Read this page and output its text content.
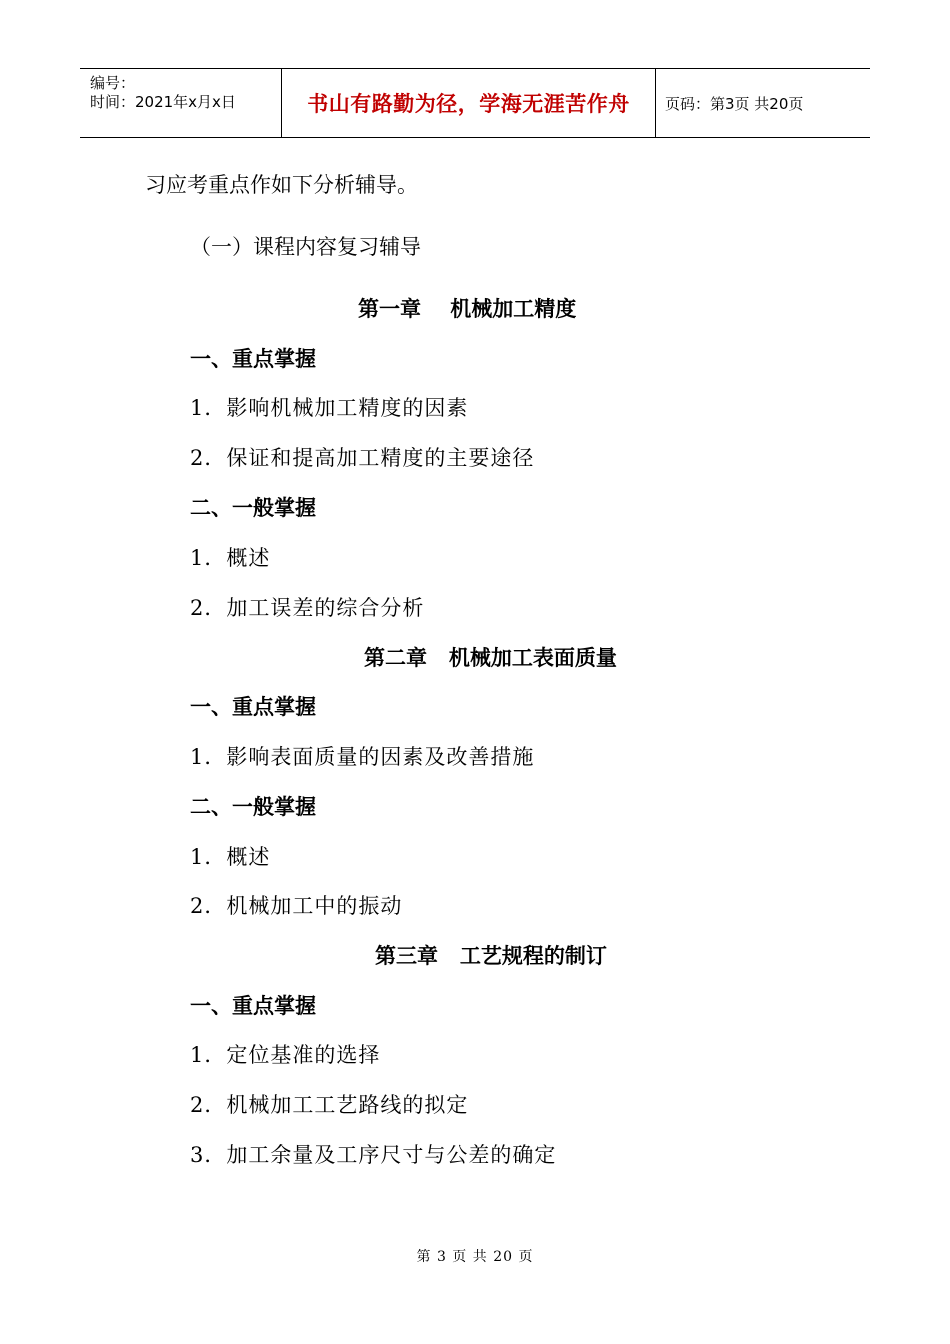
编号：
时间：2021年x月x日	书山有路勤为径，学海无涯苦作舟 页码：第3页 共20页
习应考重点作如下分析辅导。
（一）课程内容复习辅导
第一章    机械加工精度
一、重点掌握
1．影响机械加工精度的因素
2．保证和提高加工精度的主要途径
二、一般掌握
1．概述
2．加工误差的综合分析
第二章   机械加工表面质量
一、重点掌握
1．影响表面质量的因素及改善措施
二、一般掌握
1．概述
2．机械加工中的振动
第三章   工艺规程的制订
一、重点掌握
1．定位基准的选择
2．机械加工工艺路线的拟定
3．加工余量及工序尺寸与公差的确定
第 3 页 共 20 页
